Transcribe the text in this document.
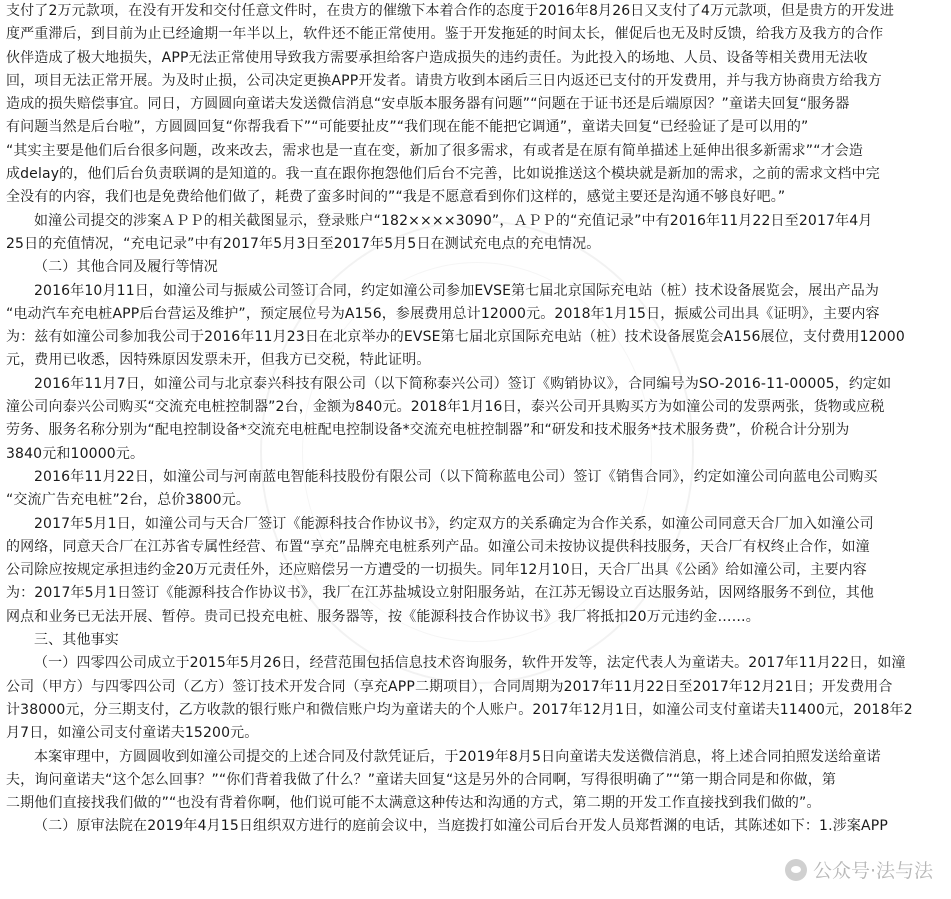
支付了2万元款项，在没有开发和交付任意文件时，在贵方的催缴下本着合作的态度于2016年8月26日又支付了4万元款项，但是贵方的开发进
度严重滞后，到目前为止已经逾期一年半以上，软件还不能正常使用。鉴于开发拖延的时间太长，催促后也无及时反馈，给我方及我方的合作
伙伴造成了极大地损失，APP无法正常使用导致我方需要承担给客户造成损失的违约责任。为此投入的场地、人员、设备等相关费用无法收
回，项目无法正常开展。为及时止损，公司决定更换APP开发者。请贵方收到本函后三日内返还已支付的开发费用，并与我方协商贵方给我方
造成的损失赔偿事宜。同日，方圆圆向童诺夫发送微信消息“安卓版本服务器有问题”“问题在于证书还是后端原因？”童诺夫回复“服务器
有问题当然是后台啦”，方圆圆回复“你帮我看下”“可能要扯皮”“我们现在能不能把它调通”，童诺夫回复“已经验证了是可以用的”
“其实主要是他们后台很多问题，改来改去，需求也是一直在变，新加了很多需求，有或者是在原有简单描述上延伸出很多新需求”“才会造
成delay的，他们后台负责联调的是知道的。我一直在跟你抱怨他们后台不完善，比如说推送这个模块就是新加的需求，之前的需求文档中完
全没有的内容，我们也是免费给他们做了，耗费了蛮多时间的”“我是不愿意看到你们这样的，感觉主要还是沟通不够良好吧。”
如潼公司提交的涉案ＡＰＰ的相关截图显示，登录账户“182××××3090”，ＡＰＰ的“充值记录”中有2016年11月22日至2017年4月
25日的充值情况，“充电记录”中有2017年5月3日至2017年5月5日在测试充电点的充电情况。
（二）其他合同及履行等情况
2016年10月11日，如潼公司与振威公司签订合同，约定如潼公司参加EVSE第七届北京国际充电站（桩）技术设备展览会，展出产品为
“电动汽车充电桩APP后台营运及维护”，预定展位号为A156，参展费用总计12000元。2018年1月15日，振威公司出具《证明》，主要内容
为：兹有如潼公司参加我公司于2016年11月23日在北京举办的EVSE第七届北京国际充电站（桩）技术设备展览会A156展位，支付费用12000
元，费用已收悉，因特殊原因发票未开，但我方已交税，特此证明。
2016年11月7日，如潼公司与北京泰兴科技有限公司（以下简称泰兴公司）签订《购销协议》，合同编号为SO-2016-11-00005，约定如
潼公司向泰兴公司购买“交流充电桩控制器”2台，金额为840元。2018年1月16日，泰兴公司开具购买方为如潼公司的发票两张，货物或应税
劳务、服务名称分别为“配电控制设备*交流充电桩配电控制设备*交流充电桩控制器”和“研发和技术服务*技术服务费”，价税合计分别为
3840元和10000元。
2016年11月22日，如潼公司与河南蓝电智能科技股份有限公司（以下简称蓝电公司）签订《销售合同》，约定如潼公司向蓝电公司购买
“交流广告充电桩”2台，总价3800元。
2017年5月1日，如潼公司与天合厂签订《能源科技合作协议书》，约定双方的关系确定为合作关系，如潼公司同意天合厂加入如潼公司
的网络，同意天合厂在江苏省专属性经营、布置“享充”品牌充电桩系列产品。如潼公司未按协议提供科技服务，天合厂有权终止合作，如潼
公司除应按规定承担违约金20万元责任外，还应赔偿另一方遭受的一切损失。同年12月10日，天合厂出具《公函》给如潼公司，主要内容
为：2017年5月1日签订《能源科技合作协议书》，我厂在江苏盐城设立射阳服务站，在江苏无锡设立百达服务站，因网络服务不到位，其他
网点和业务已无法开展、暂停。贵司已投充电桩、服务器等，按《能源科技合作协议书》我厂将抵扣20万元违约金……。
三、其他事实
（一）四零四公司成立于2015年5月26日，经营范围包括信息技术咨询服务，软件开发等，法定代表人为童诺夫。2017年11月22日，如潼
公司（甲方）与四零四公司（乙方）签订技术开发合同（享充APP二期项目），合同周期为2017年11月22日至2017年12月21日；开发费用合
计38000元，分三期支付，乙方收款的银行账户和微信账户均为童诺夫的个人账户。2017年12月1日，如潼公司支付童诺夫11400元，2018年2
月7日，如潼公司支付童诺夫15200元。
本案审理中，方圆圆收到如潼公司提交的上述合同及付款凭证后，于2019年8月5日向童诺夫发送微信消息，将上述合同拍照发送给童诺
夫，询问童诺夫“这个怎么回事？”“你们背着我做了什么？”童诺夫回复“这是另外的合同啊，写得很明确了”“第一期合同是和你做，第
二期他们直接找我们做的”“也没有背着你啊，他们说可能不太满意这种传达和沟通的方式，第二期的开发工作直接找到我们做的”。
（二）原审法院在2019年4月15日组织双方进行的庭前会议中，当庭拨打如潼公司后台开发人员郑哲渊的电话，其陈述如下：1.涉案APP
公众号·法与法
